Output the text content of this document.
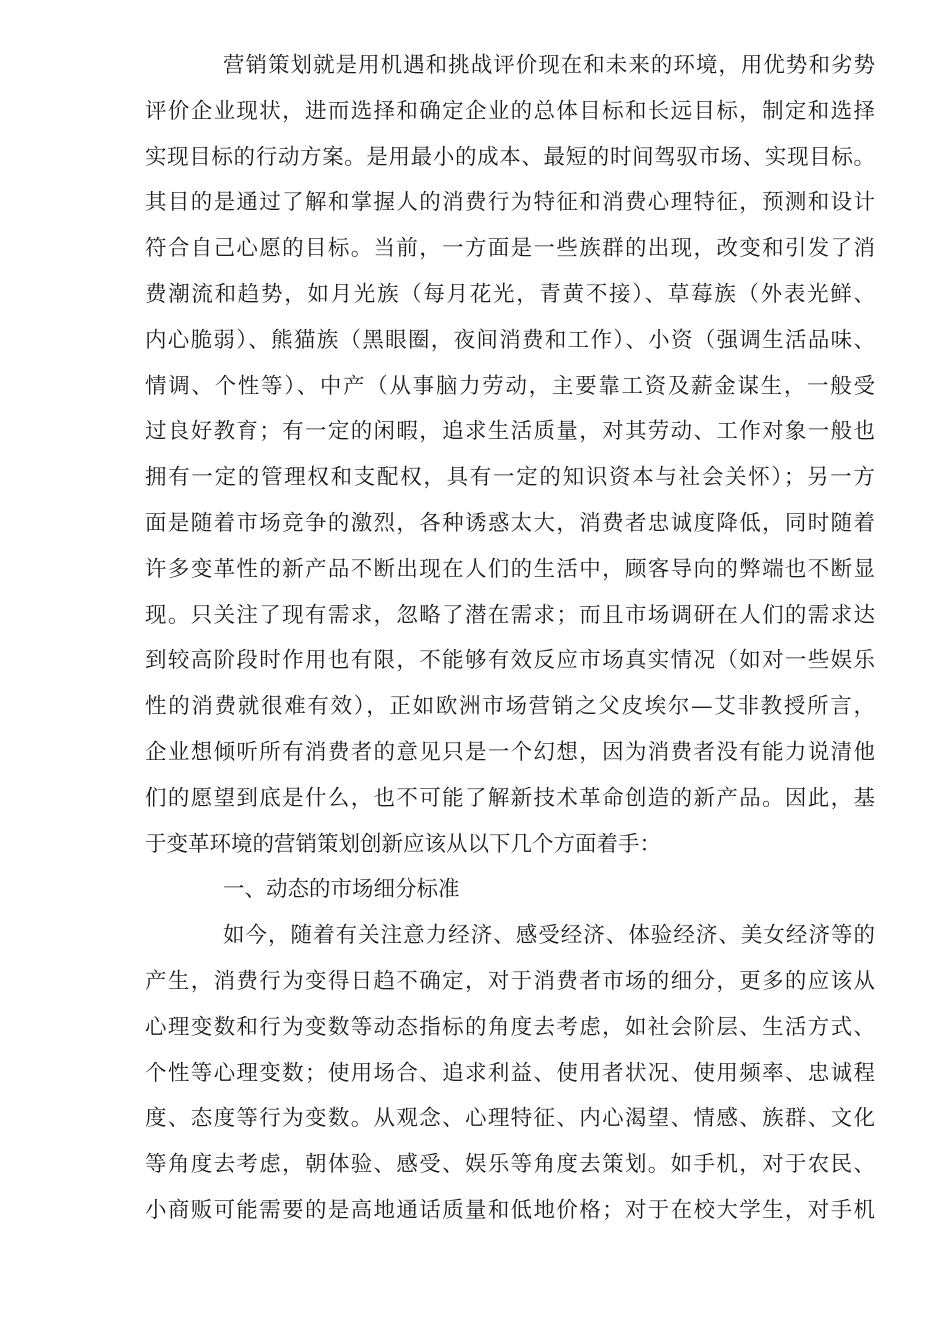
营销策划就是用机遇和挑战评价现在和未来的环境，用优势和劣势
评价企业现状，进而选择和确定企业的总体目标和长远目标，制定和选择
实现目标的行动方案。是用最小的成本、最短的时间驾驭市场、实现目标。
其目的是通过了解和掌握人的消费行为特征和消费心理特征，预测和设计
符合自己心愿的目标。当前，一方面是一些族群的出现，改变和引发了消
费潮流和趋势，如月光族（每月花光，青黄不接）、草莓族（外表光鲜、
内心脆弱）、熊猫族（黑眼圈，夜间消费和工作）、小资（强调生活品味、
情调、个性等）、中产（从事脑力劳动，主要靠工资及薪金谋生，一般受
过良好教育；有一定的闲暇，追求生活质量，对其劳动、工作对象一般也
拥有一定的管理权和支配权，具有一定的知识资本与社会关怀）；另一方
面是随着市场竞争的激烈，各种诱惑太大，消费者忠诚度降低，同时随着
许多变革性的新产品不断出现在人们的生活中，顾客导向的弊端也不断显
现。只关注了现有需求，忽略了潜在需求；而且市场调研在人们的需求达
到较高阶段时作用也有限，不能够有效反应市场真实情况（如对一些娱乐
性的消费就很难有效），正如欧洲市场营销之父皮埃尔—艾非教授所言，
企业想倾听所有消费者的意见只是一个幻想，因为消费者没有能力说清他
们的愿望到底是什么，也不可能了解新技术革命创造的新产品。因此，基
于变革环境的营销策划创新应该从以下几个方面着手：
一、动态的市场细分标准
如今，随着有关注意力经济、感受经济、体验经济、美女经济等的
产生，消费行为变得日趋不确定，对于消费者市场的细分，更多的应该从
心理变数和行为变数等动态指标的角度去考虑，如社会阶层、生活方式、
个性等心理变数；使用场合、追求利益、使用者状况、使用频率、忠诚程
度、态度等行为变数。从观念、心理特征、内心渴望、情感、族群、文化
等角度去考虑，朝体验、感受、娱乐等角度去策划。如手机，对于农民、
小商贩可能需要的是高地通话质量和低地价格；对于在校大学生，对手机
